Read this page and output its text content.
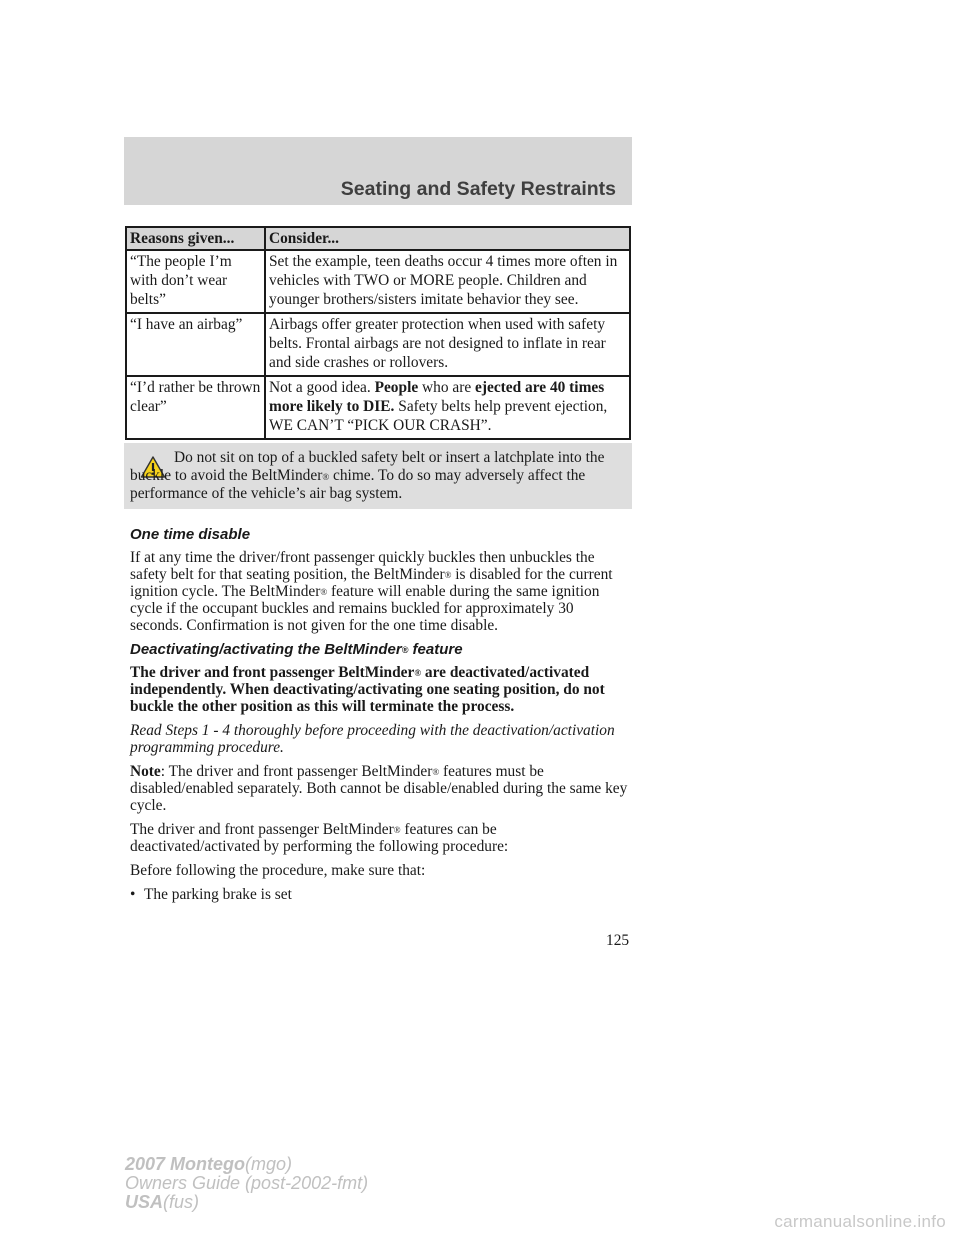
Seating and Safety Restraints
Reasons given...	Consider...
“The people I’m with don’t wear belts”	Set the example, teen deaths occur 4 times more often in vehicles with TWO or MORE people. Children and younger brothers/sisters imitate behavior they see.
“I have an airbag”	Airbags offer greater protection when used with safety belts. Frontal airbags are not designed to inflate in rear and side crashes or rollovers.
“I’d rather be thrown clear”	Not a good idea. People who are ejected are 40 times more likely to DIE. Safety belts help prevent ejection, WE CAN’T “PICK OUR CRASH”.
Do not sit on top of a buckled safety belt or insert a latchplate into the buckle to avoid the BeltMinder® chime. To do so may adversely affect the performance of the vehicle’s air bag system.
One time disable

If at any time the driver/front passenger quickly buckles then unbuckles the safety belt for that seating position, the BeltMinder® is disabled for the current ignition cycle. The BeltMinder® feature will enable during the same ignition cycle if the occupant buckles and remains buckled for approximately 30 seconds. Confirmation is not given for the one time disable.

Deactivating/activating the BeltMinder® feature

The driver and front passenger BeltMinder® are deactivated/activated independently. When deactivating/activating one seating position, do not buckle the other position as this will terminate the process.

Read Steps 1 - 4 thoroughly before proceeding with the deactivation/activation programming procedure.

Note: The driver and front passenger BeltMinder® features must be disabled/enabled separately. Both cannot be disable/enabled during the same key cycle.

The driver and front passenger BeltMinder® features can be deactivated/activated by performing the following procedure:

Before following the procedure, make sure that:

• The parking brake is set
125
2007 Montego(mgo)
Owners Guide (post-2002-fmt)
USA(fus)
carmanualsonline.info
